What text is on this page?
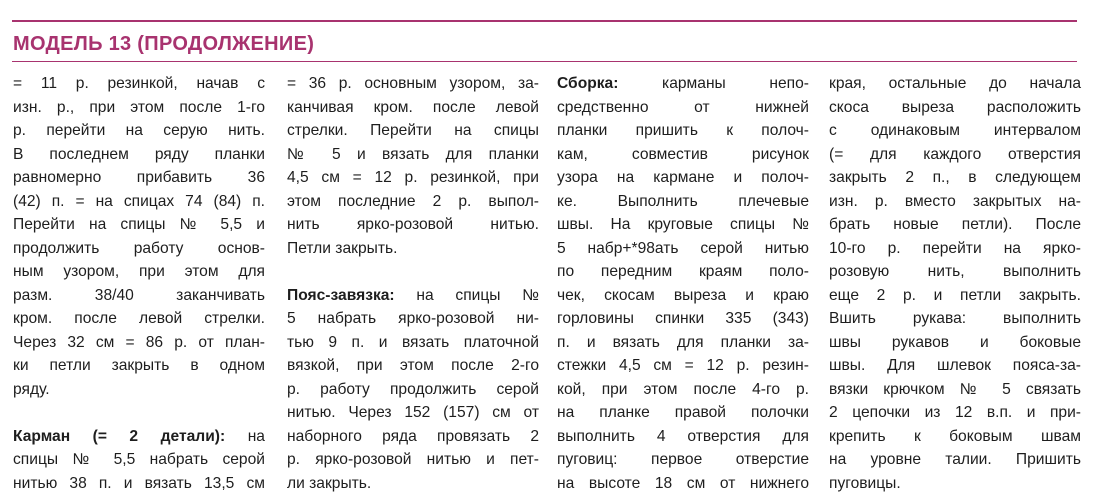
МОДЕЛЬ 13 (ПРОДОЛЖЕНИЕ)

= 11 р. резинкой, начав с
изн. р., при этом после 1-го
р. перейти на серую нить.
В последнем ряду планки
равномерно прибавить 36
(42) п. = на спицах 74 (84) п.
Перейти на спицы № 5,5 и
продолжить работу основ-
ным узором, при этом для
разм. 38/40 заканчивать
кром. после левой стрелки.
Через 32 см = 86 р. от план-
ки петли закрыть в одном
ряду.

Карман (= 2 детали): на
спицы № 5,5 набрать серой
нитью 38 п. и вязать 13,5 см

= 36 р. основным узором, за-
канчивая кром. после левой
стрелки. Перейти на спицы
№ 5 и вязать для планки
4,5 см = 12 р. резинкой, при
этом последние 2 р. выпол-
нить ярко-розовой нитью.
Петли закрыть.

Пояс-завязка: на спицы №
5 набрать ярко-розовой ни-
тью 9 п. и вязать платочной
вязкой, при этом после 2-го
р. работу продолжить серой
нитью. Через 152 (157) см от
наборного ряда провязать 2
р. ярко-розовой нитью и пет-
ли закрыть.

Сборка:	карманы непо-
средственно от нижней
планки пришить к полоч-
кам, совместив рисунок
узора на кармане и полоч-
ке. Выполнить плечевые
швы. На круговые спицы №
5 набр+*98ать серой нитью
по передним краям поло-
чек, скосам выреза и краю
горловины спинки 335 (343)
п. и вязать для планки за-
стежки 4,5 см = 12 р. резин-
кой, при этом после 4-го р.
на планке правой полочки
выполнить 4 отверстия для
пуговиц: первое отверстие
на высоте 18 см от нижнего

края, остальные до начала
скоса выреза расположить
с одинаковым интервалом
(= для каждого отверстия
закрыть 2 п., в следующем
изн. р. вместо закрытых на-
брать новые петли). После
10-го р. перейти на ярко-
розовую нить, выполнить
еще 2 р. и петли закрыть.
Вшить рукава: выполнить
швы рукавов и боковые
швы. Для шлевок пояса-за-
вязки крючком № 5 связать
2 цепочки из 12 в.п. и при-
крепить к боковым швам
на уровне талии. Пришить
пуговицы.
